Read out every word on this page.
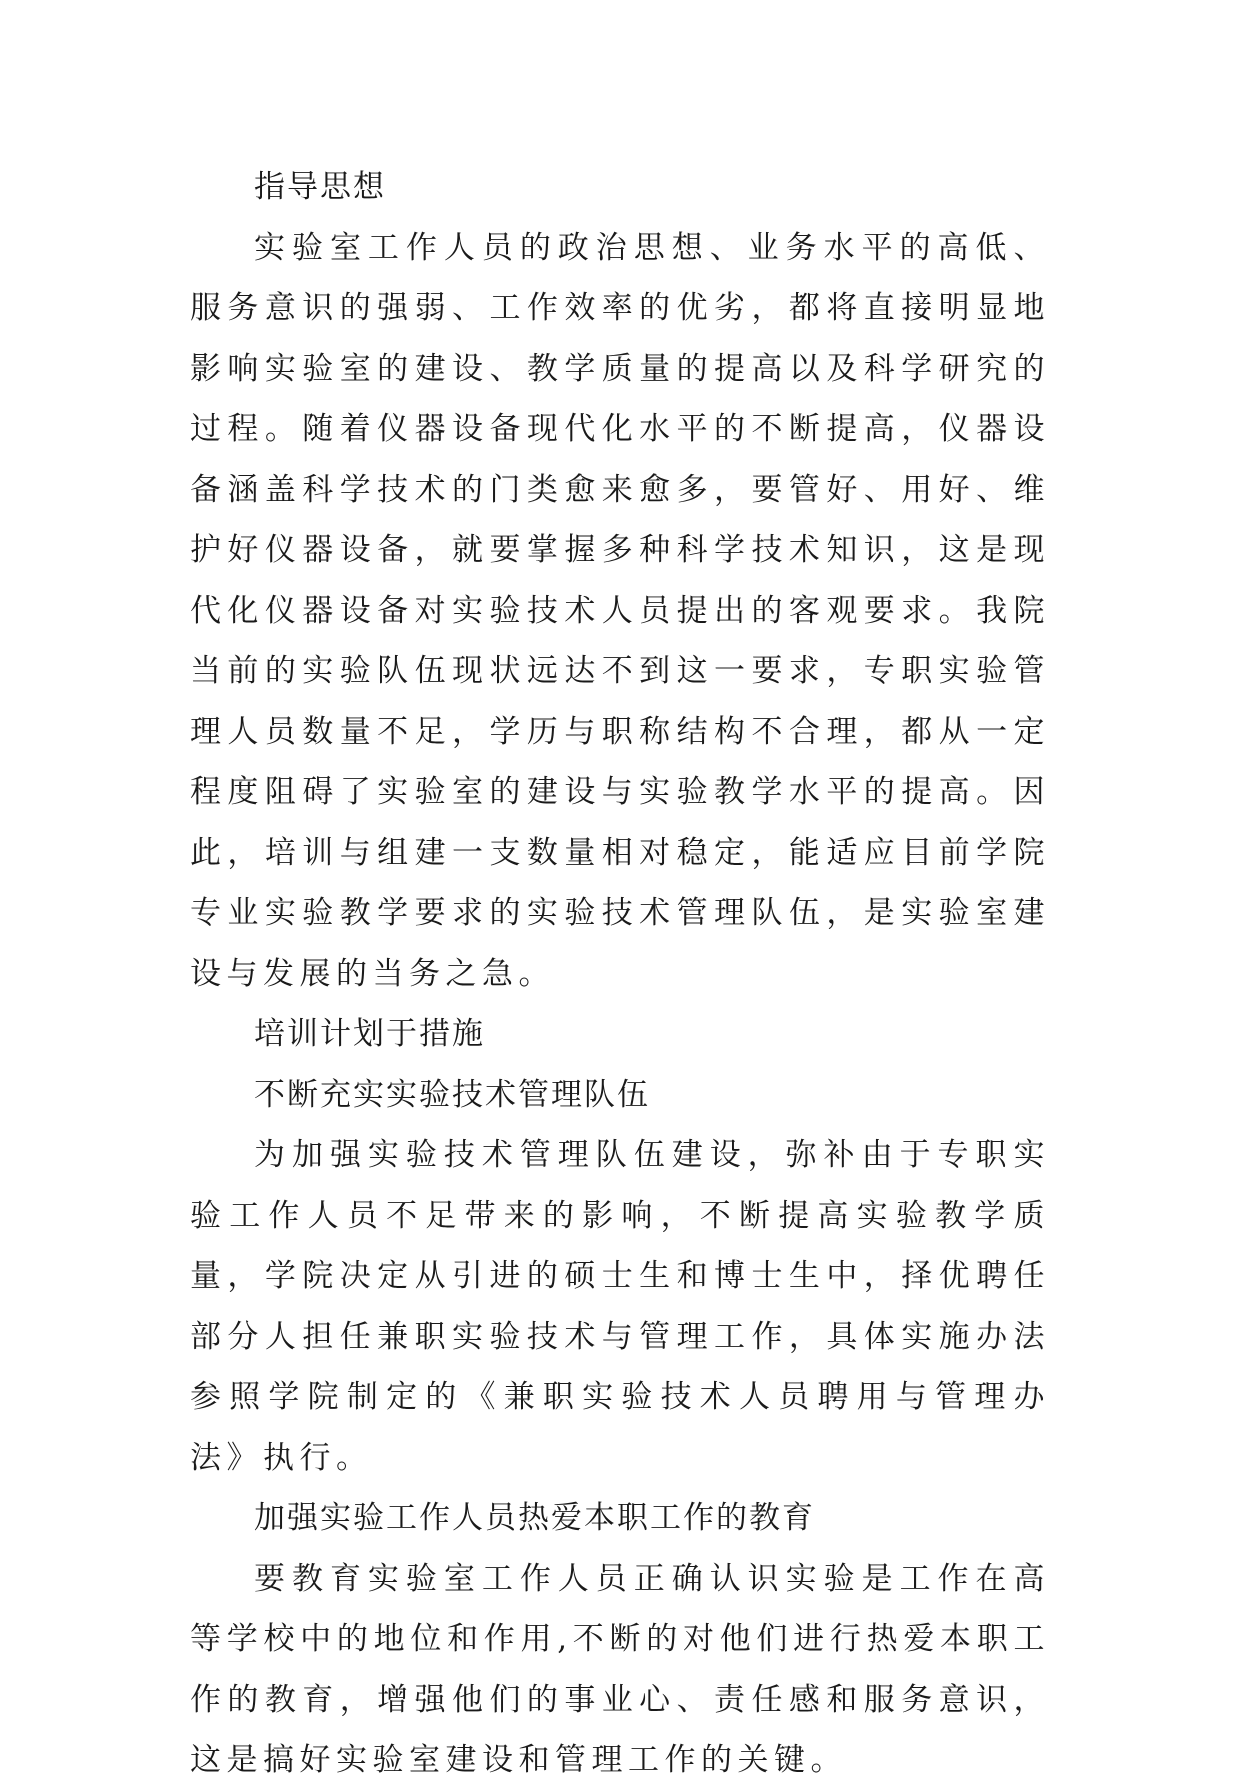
指导思想

实验室工作人员的政治思想、业务水平的高低、服务意识的强弱、工作效率的优劣，都将直接明显地影响实验室的建设、教学质量的提高以及科学研究的过程。随着仪器设备现代化水平的不断提高，仪器设备涵盖科学技术的门类愈来愈多，要管好、用好、维护好仪器设备，就要掌握多种科学技术知识，这是现代化仪器设备对实验技术人员提出的客观要求。我院当前的实验队伍现状远达不到这一要求，专职实验管理人员数量不足，学历与职称结构不合理，都从一定程度阻碍了实验室的建设与实验教学水平的提高。因此，培训与组建一支数量相对稳定，能适应目前学院专业实验教学要求的实验技术管理队伍，是实验室建设与发展的当务之急。

培训计划于措施

不断充实实验技术管理队伍

为加强实验技术管理队伍建设，弥补由于专职实验工作人员不足带来的影响，不断提高实验教学质量，学院决定从引进的硕士生和博士生中，择优聘任部分人担任兼职实验技术与管理工作，具体实施办法参照学院制定的《兼职实验技术人员聘用与管理办法》执行。

加强实验工作人员热爱本职工作的教育

要教育实验室工作人员正确认识实验是工作在高等学校中的地位和作用,不断的对他们进行热爱本职工作的教育，增强他们的事业心、责任感和服务意识，这是搞好实验室建设和管理工作的关键。
